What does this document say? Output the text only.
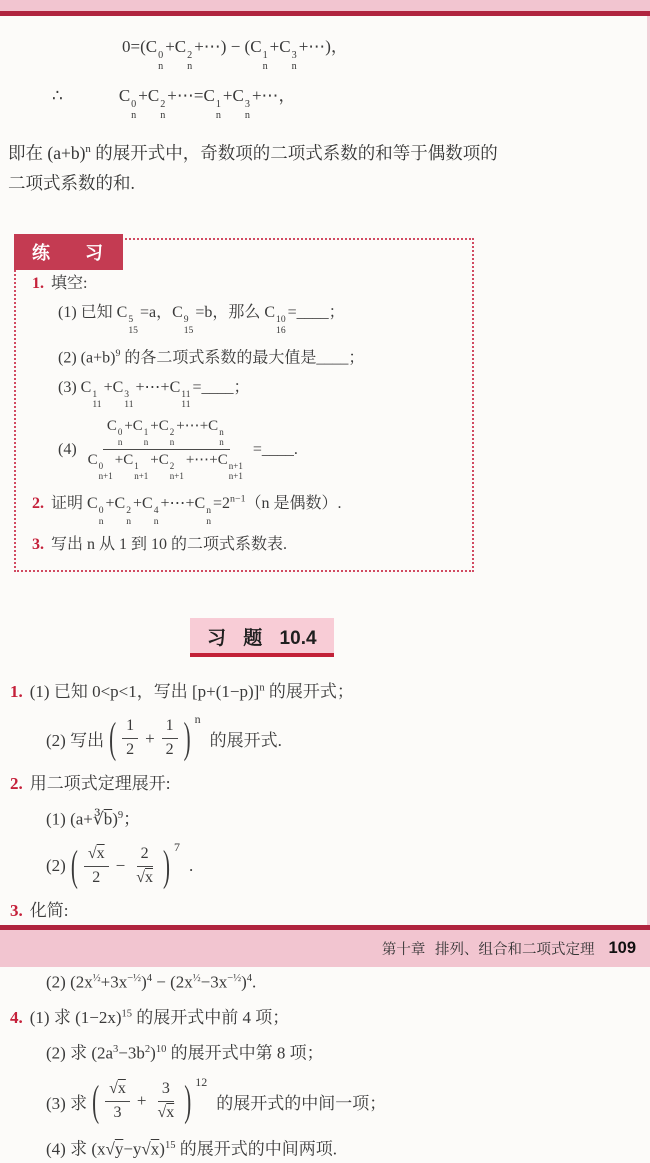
0=(C 0
n
+C 2
n
+⋯) − (C 1
n
+C 3
n
+⋯)，
∴	C 0
n
+C 2
n
+⋯=C 1
n
+C 3
n
+⋯，
即在 $(a+b)^n$ 的展开式中，奇数项的二项式系数的和等于偶数项的
二项式系数的和.
练 习
1. 填空:
(1) 已知 C 5
15
=a，C 9
15
=b，那么 C 10
16
=____；
(2) $(a+b)^9$ 的各二项式系数的最大值是____；
(3) C 1
11
+C 3
11
+⋯+C 11
11
=____；
(4) C 0
n
+C 1
n
+C 2
n
+⋯+C n
n
C 0
n+1
+C 1
n+1
+C 2
n+1
+⋯+C n+1
n+1 =____.
2. 证明 C 0
n
+C 2
n
+C 4
n
+⋯+C n
n
$=2^{n-1}(n$ 是偶数）.
3. 写出 n 从 1 到 10 的二项式系数表.
习 题 10.4
1. (1) 已知 0<p<1，写出 $[p+(1-p)]^n$ 的展开式；
(2) 写出 ( $\frac{1}{2} + \frac{1}{2}$ ) n
的展开式.
2. 用二项式定理展开:
(1) $(a+∛\overline{b})^9$；
(2) ( $\frac{√x}{2} - \frac{2}{√x}$ ) 7
.
3. 化简:
(2) $(2x^{\frac{1}{2}}+3x^{-\frac{1}{2}})^4 - (2x^{\frac{1}{2}}-3x^{-\frac{1}{2}})^4$.
4. (1) 求 $(1-2x)^{15}$ 的展开式中前 4 项；
(2) 求 $(2a^3-3b^2)^{10}$ 的展开式中第 8 项；
(3) 求 ( $\frac{√x}{3} + \frac{3}{√x}$ ) 12
的展开式的中间一项；
(4) 求 $(x√y-y√x)^{15}$ 的展开式的中间两项.
第十章 排列、组合和二项式定理 109
